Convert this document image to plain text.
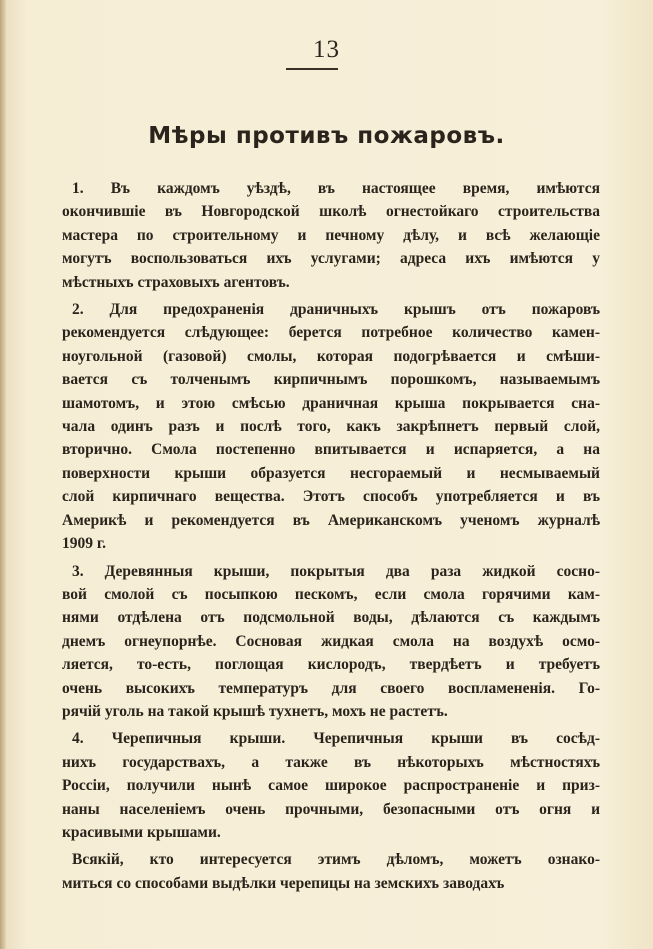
13
Мѣры противъ пожаровъ.
1. Въ каждомъ уѣздѣ, въ настоящее время, имѣются
окончившіе въ Новгородской школѣ огнестойкаго строительства
мастера по строительному и печному дѣлу, и всѣ желающіе
могутъ воспользоваться ихъ услугами; адреса ихъ имѣются у
мѣстныхъ страховыхъ агентовъ.
2. Для предохраненія драничныхъ крышъ отъ пожаровъ
рекомендуется слѣдующее: берется потребное количество камен-
ноугольной (газовой) смолы, которая подогрѣвается и смѣши-
вается съ толченымъ кирпичнымъ порошкомъ, называемымъ
шамотомъ, и этою смѣсью драничная крыша покрывается сна-
чала одинъ разъ и послѣ того, какъ закрѣпнетъ первый слой,
вторично. Смола постепенно впитывается и испаряется, а на
поверхности крыши образуется несгораемый и несмываемый
слой кирпичнаго вещества. Этотъ способъ употребляется и въ
Америкѣ и рекомендуется въ Американскомъ ученомъ журналѣ
1909 г.
3. Деревянныя крыши, покрытыя два раза жидкой сосно-
вой смолой съ посыпкою пескомъ, если смола горячими кам-
нями отдѣлена отъ подсмольной воды, дѣлаются съ каждымъ
днемъ огнеупорнѣе. Сосновая жидкая смола на воздухѣ осмо-
ляется, то-есть, поглощая кислородъ, твердѣетъ и требуетъ
очень высокихъ температуръ для своего воспламененія. Го-
рячій уголь на такой крышѣ тухнетъ, мохъ не растетъ.
4. Черепичныя крыши. Черепичныя крыши въ сосѣд-
нихъ государствахъ, а также въ нѣкоторыхъ мѣстностяхъ
Россіи, получили нынѣ самое широкое распространеніе и приз-
наны населеніемъ очень прочными, безопасными отъ огня и
красивыми крышами.
Всякій, кто интересуется этимъ дѣломъ, можетъ ознако-
миться со способами выдѣлки черепицы на земскихъ заводахъ
